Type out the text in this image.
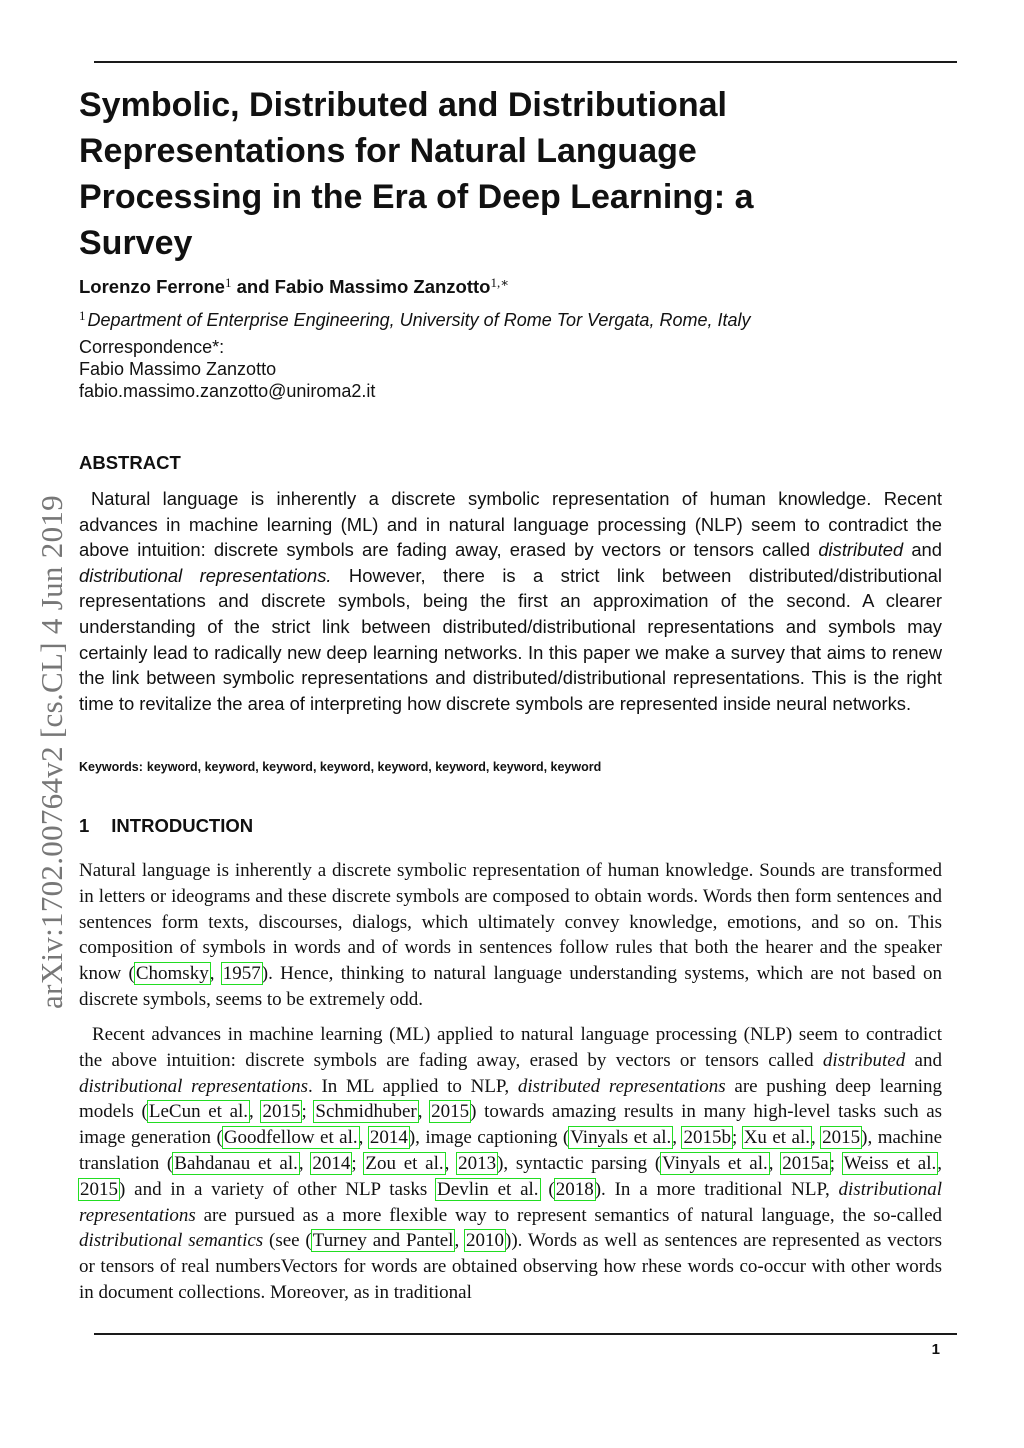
arXiv:1702.00764v2 [cs.CL] 4 Jun 2019
Symbolic, Distributed and Distributional Representations for Natural Language Processing in the Era of Deep Learning: a Survey
Lorenzo Ferrone$^1$ and Fabio Massimo Zanzotto$^{1,∗}$
$^1$ Department of Enterprise Engineering, University of Rome Tor Vergata, Rome, Italy
Correspondence*:
Fabio Massimo Zanzotto
fabio.massimo.zanzotto@uniroma2.it
ABSTRACT

Natural language is inherently a discrete symbolic representation of human knowledge. Recent advances in machine learning (ML) and in natural language processing (NLP) seem to contradict the above intuition: discrete symbols are fading away, erased by vectors or tensors called distributed and distributional representations. However, there is a strict link between distributed/distributional representations and discrete symbols, being the first an approximation of the second. A clearer understanding of the strict link between distributed/distributional representations and symbols may certainly lead to radically new deep learning networks. In this paper we make a survey that aims to renew the link between symbolic representations and distributed/distributional representations. This is the right time to revitalize the area of interpreting how discrete symbols are represented inside neural networks.

Keywords: keyword, keyword, keyword, keyword, keyword, keyword, keyword, keyword
1 INTRODUCTION

Natural language is inherently a discrete symbolic representation of human knowledge. Sounds are transformed in letters or ideograms and these discrete symbols are composed to obtain words. Words then form sentences and sentences form texts, discourses, dialogs, which ultimately convey knowledge, emotions, and so on. This composition of symbols in words and of words in sentences follow rules that both the hearer and the speaker know (Chomsky, 1957). Hence, thinking to natural language understanding systems, which are not based on discrete symbols, seems to be extremely odd.

Recent advances in machine learning (ML) applied to natural language processing (NLP) seem to contradict the above intuition: discrete symbols are fading away, erased by vectors or tensors called distributed and distributional representations. In ML applied to NLP, distributed representations are pushing deep learning models (LeCun et al., 2015; Schmidhuber, 2015) towards amazing results in many high-level tasks such as image generation (Goodfellow et al., 2014), image captioning (Vinyals et al., 2015b; Xu et al., 2015), machine translation (Bahdanau et al., 2014; Zou et al., 2013), syntactic parsing (Vinyals et al., 2015a; Weiss et al., 2015) and in a variety of other NLP tasks Devlin et al. (2018). In a more traditional NLP, distributional representations are pursued as a more flexible way to represent semantics of natural language, the so-called distributional semantics (see (Turney and Pantel, 2010)). Words as well as sentences are represented as vectors or tensors of real numbersVectors for words are obtained observing how rhese words co-occur with other words in document collections. Moreover, as in traditional

1
